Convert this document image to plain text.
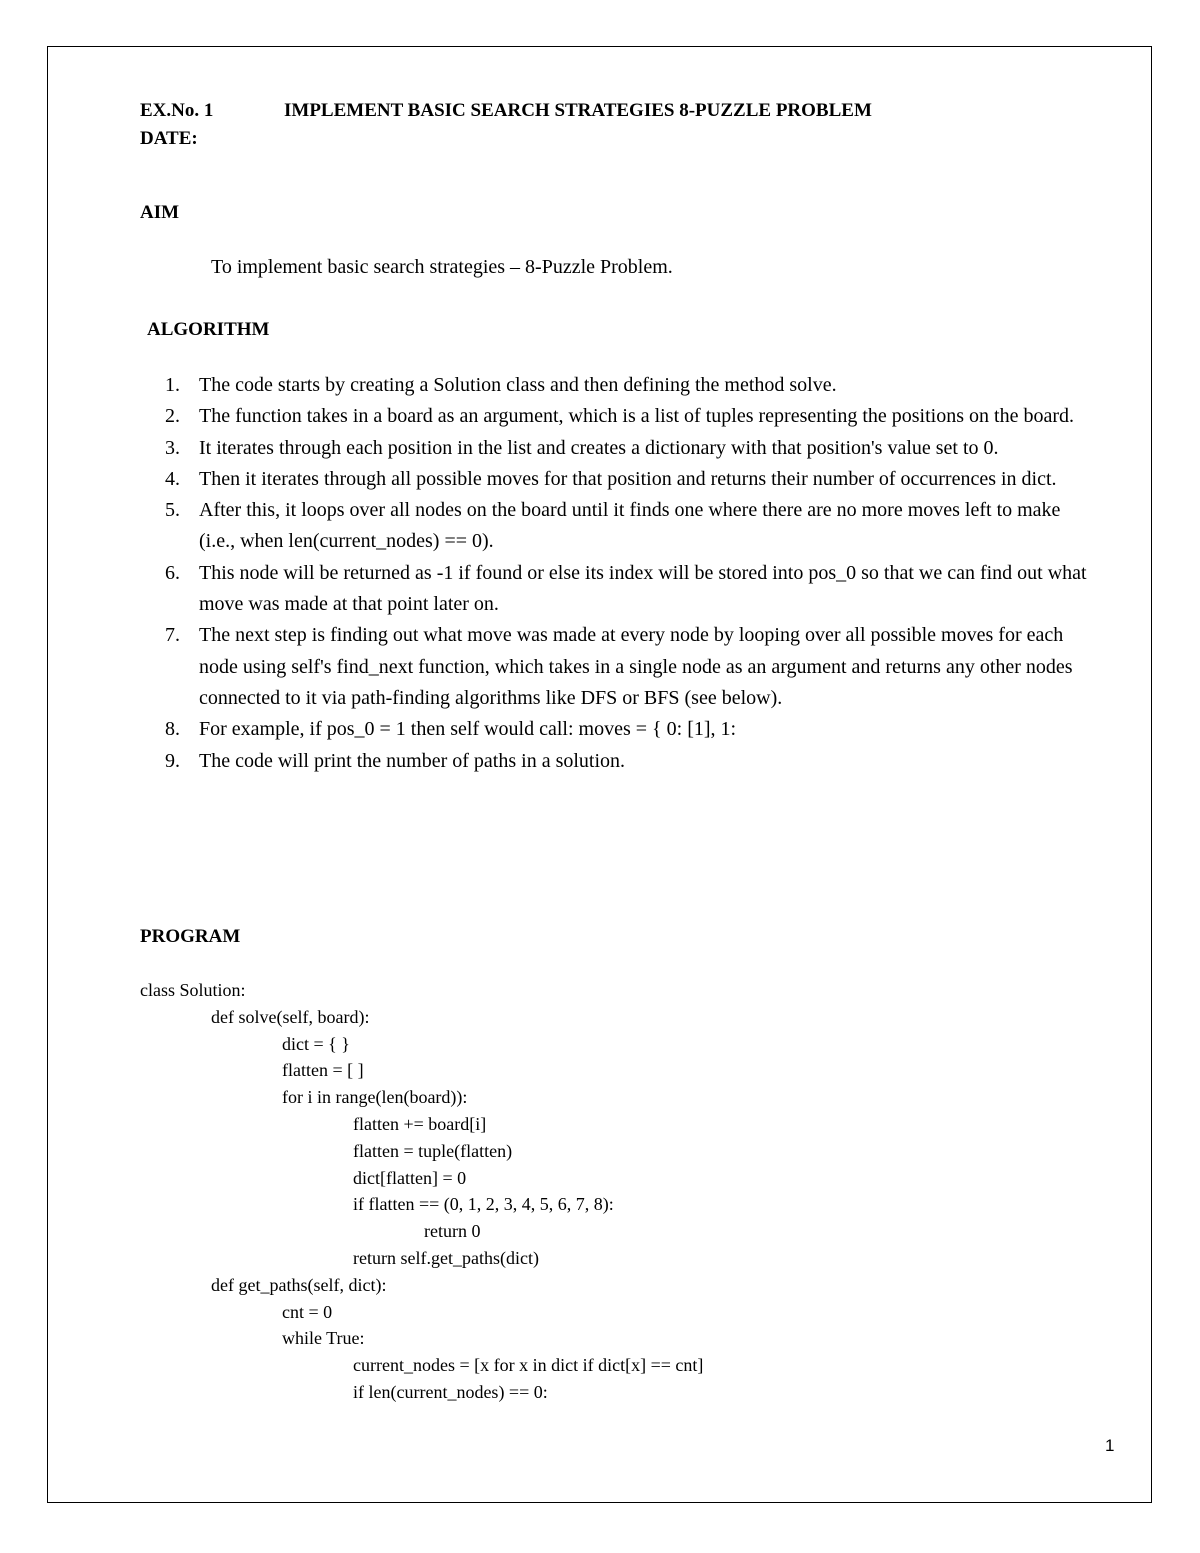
EX.No. 1	IMPLEMENT BASIC SEARCH STRATEGIES 8-PUZZLE PROBLEM
DATE:
AIM
To implement basic search strategies – 8-Puzzle Problem.
ALGORITHM
1. The code starts by creating a Solution class and then defining the method solve.
2. The function takes in a board as an argument, which is a list of tuples representing the positions on the board.
3. It iterates through each position in the list and creates a dictionary with that position's value set to 0.
4. Then it iterates through all possible moves for that position and returns their number of occurrences in dict.
5. After this, it loops over all nodes on the board until it finds one where there are no more moves left to make (i.e., when len(current_nodes) == 0).
6. This node will be returned as -1 if found or else its index will be stored into pos_0 so that we can find out what move was made at that point later on.
7. The next step is finding out what move was made at every node by looping over all possible moves for each node using self's find_next function, which takes in a single node as an argument and returns any other nodes connected to it via path-finding algorithms like DFS or BFS (see below).
8. For example, if pos_0 = 1 then self would call: moves = { 0: [1], 1:
9. The code will print the number of paths in a solution.
PROGRAM
class Solution:
def solve(self, board):
dict = { }
flatten = [ ]
for i in range(len(board)):
flatten += board[i]
flatten = tuple(flatten)
dict[flatten] = 0
if flatten == (0, 1, 2, 3, 4, 5, 6, 7, 8):
return 0
return self.get_paths(dict)
def get_paths(self, dict):
cnt = 0
while True:
current_nodes = [x for x in dict if dict[x] == cnt]
if len(current_nodes) == 0:
1
